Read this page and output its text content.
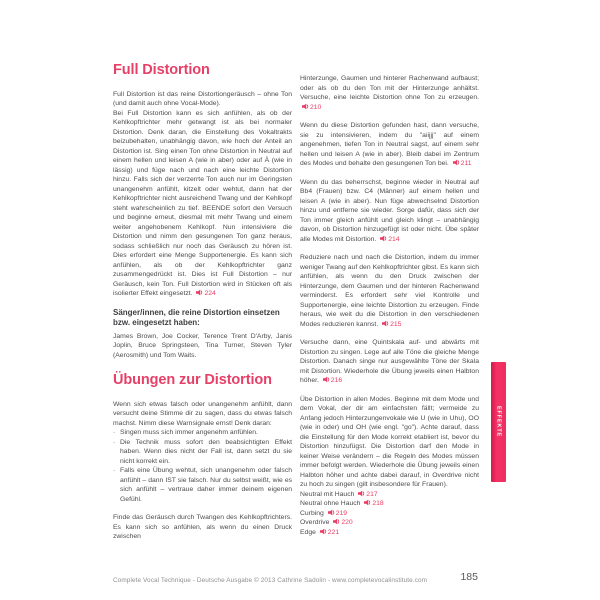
Full Distortion
Full Distortion ist das reine Distortiongeräusch – ohne Ton (und damit auch ohne Vocal-Mode).
Bei Full Distortion kann es sich anfühlen, als ob der Kehlkopftrichter mehr getwangt ist als bei normaler Distortion. Denk daran, die Einstellung des Vokaltrakts beizubehalten, unabhängig davon, wie hoch der Anteil an Distortion ist. Sing einen Ton ohne Distortion in Neutral auf einem hellen und leisen A (wie in aber) oder auf Ä (wie in lässig) und füge nach und nach eine leichte Distortion hinzu. Falls sich der verzerrte Ton auch nur im Geringsten unangenehm anfühlt, kitzelt oder wehtut, dann hat der Kehlkopftrichter nicht ausreichend Twang und der Kehlkopf steht wahrscheinlich zu tief. BEENDE sofort den Versuch und beginne erneut, diesmal mit mehr Twang und einem weiter angehobenem Kehlkopf. Nun intensiviere die Distortion und nimm den gesungenen Ton ganz heraus, sodass schließlich nur noch das Geräusch zu hören ist. Dies erfordert eine Menge Supportenergie. Es kann sich anfühlen, als ob der Kehlkopftrichter ganz zusammengedrückt ist. Dies ist Full Distortion – nur Geräusch, kein Ton. Full Distortion wird in Stücken oft als isolierter Effekt eingesetzt. 224
Sänger/innen, die reine Distortion einsetzen bzw. eingesetzt haben:
James Brown, Joe Cocker, Terence Trent D'Arby, Janis Joplin, Bruce Springsteen, Tina Turner, Steven Tyler (Aerosmith) und Tom Waits.
Übungen zur Distortion
Wenn sich etwas falsch oder unangenehm anfühlt, dann versucht deine Stimme dir zu sagen, dass du etwas falsch machst. Nimm diese Warnsignale ernst! Denk daran:
· Singen muss sich immer angenehm anfühlen.
· Die Technik muss sofort den beabsichtigten Effekt haben. Wenn dies nicht der Fall ist, dann setzt du sie nicht korrekt ein.
· Falls eine Übung wehtut, sich unangenehm oder falsch anfühlt – dann IST sie falsch. Nur du selbst weißt, wie es sich anfühlt – vertraue daher immer deinem eigenen Gefühl.
Finde das Geräusch durch Twangen des Kehlkopftrichters. Es kann sich so anfühlen, als wenn du einen Druck zwischen
Hinterzunge, Gaumen und hinterer Rachenwand aufbaust; oder als ob du den Ton mit der Hinterzunge anhältst. Versuche, eine leichte Distortion ohne Ton zu erzeugen. 210
Wenn du diese Distortion gefunden hast, dann versuche, sie zu intensivieren, indem du "aiijjj" auf einem angenehmen, tiefen Ton in Neutral sagst, auf einem sehr hellen und leisen A (wie in aber). Bleib dabei im Zentrum des Modes und behalte den gesungenen Ton bei. 211
Wenn du das beherrschst, beginne wieder in Neutral auf Bb4 (Frauen) bzw. C4 (Männer) auf einem hellen und leisen A (wie in aber). Nun füge abwechselnd Distortion hinzu und entferne sie wieder. Sorge dafür, dass sich der Ton immer gleich anfühlt und gleich klingt – unabhängig davon, ob Distortion hinzugefügt ist oder nicht. Übe später alle Modes mit Distortion. 214
Reduziere nach und nach die Distortion, indem du immer weniger Twang auf den Kehlkopftrichter gibst. Es kann sich anfühlen, als wenn du den Druck zwischen der Hinterzunge, dem Gaumen und der hinteren Rachenwand verminderst. Es erfordert sehr viel Kontrolle und Supportenergie, eine leichte Distortion zu erzeugen. Finde heraus, wie weit du die Distortion in den verschiedenen Modes reduzieren kannst. 215
Versuche dann, eine Quintskala auf- und abwärts mit Distortion zu singen. Lege auf alle Töne die gleiche Menge Distortion. Danach singe nur ausgewählte Töne der Skala mit Distortion. Wiederhole die Übung jeweils einen Halbton höher. 216
Übe Distortion in allen Modes. Beginne mit dem Mode und dem Vokal, der dir am einfachsten fällt; vermeide zu Anfang jedoch Hinterzungenvokale wie U (wie in Uhu), OO (wie in oder) und OH (wie engl. "go"). Achte darauf, dass die Einstellung für den Mode korrekt etabliert ist, bevor du Distortion hinzufügst. Die Distortion darf den Mode in keiner Weise verändern – die Regeln des Modes müssen immer befolgt werden. Wiederhole die Übung jeweils einen Halbton höher und achte dabei darauf, in Overdrive nicht zu hoch zu singen (gilt insbesondere für Frauen).
Neutral mit Hauch 217
Neutral ohne Hauch 218
Curbing 219
Overdrive 220
Edge 221
EFFEKTE
Complete Vocal Technique - Deutsche Ausgabe © 2013 Cathrine Sadolin - www.completevocalinstitute.com	185
